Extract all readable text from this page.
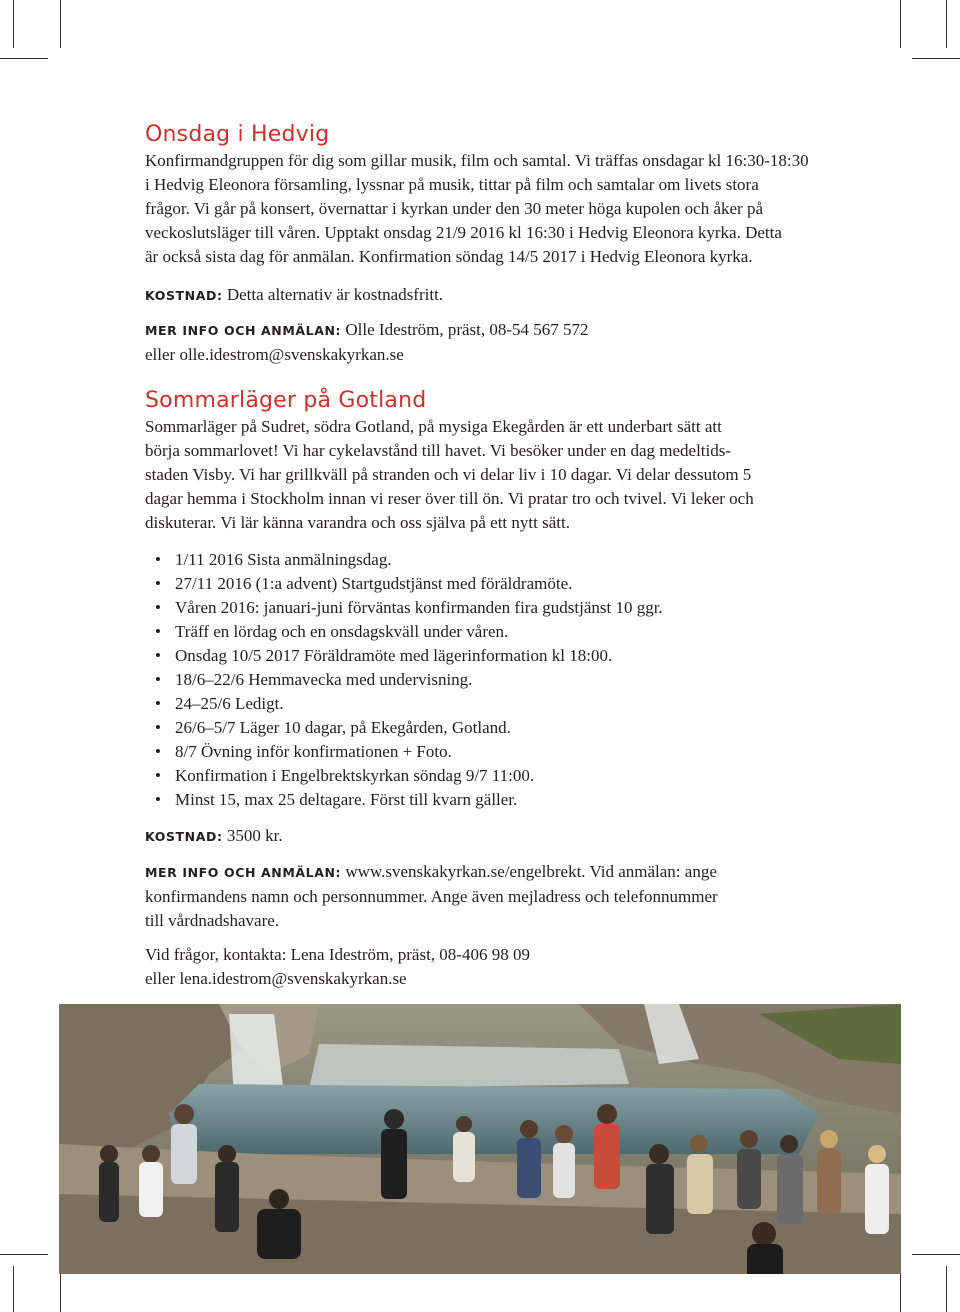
Onsdag i Hedvig
Konfirmandgruppen för dig som gillar musik, film och samtal. Vi träffas onsdagar kl 16:30-18:30
i Hedvig Eleonora församling, lyssnar på musik, tittar på film och samtalar om livets stora
frågor. Vi går på konsert, övernattar i kyrkan under den 30 meter höga kupolen och åker på
veckoslutsläger till våren. Upptakt onsdag 21/9 2016 kl 16:30 i Hedvig Eleonora kyrka. Detta
är också sista dag för anmälan. Konfirmation söndag 14/5 2017 i Hedvig Eleonora kyrka.
KOSTNAD: Detta alternativ är kostnadsfritt.
MER INFO OCH ANMÄLAN: Olle Ideström, präst, 08-54 567 572
eller olle.idestrom@svenskakyrkan.se
Sommarläger på Gotland
Sommarläger på Sudret, södra Gotland, på mysiga Ekegården är ett underbart sätt att
börja sommarlovet! Vi har cykelavstånd till havet. Vi besöker under en dag medeltids-
staden Visby. Vi har grillkväll på stranden och vi delar liv i 10 dagar. Vi delar dessutom 5
dagar hemma i Stockholm innan vi reser över till ön. Vi pratar tro och tvivel. Vi leker och
diskuterar. Vi lär känna varandra och oss själva på ett nytt sätt.
• 1/11 2016 Sista anmälningsdag.
• 27/11 2016 (1:a advent) Startgudstjänst med föräldramöte.
• Våren 2016: januari-juni förväntas konfirmanden fira gudstjänst 10 ggr.
• Träff en lördag och en onsdagskväll under våren.
• Onsdag 10/5 2017 Föräldramöte med lägerinformation kl 18:00.
• 18/6–22/6 Hemmavecka med undervisning.
• 24–25/6 Ledigt.
• 26/6–5/7 Läger 10 dagar, på Ekegården, Gotland.
• 8/7 Övning inför konfirmationen + Foto.
• Konfirmation i Engelbrektskyrkan söndag 9/7 11:00.
• Minst 15, max 25 deltagare. Först till kvarn gäller.
KOSTNAD: 3500 kr.
MER INFO OCH ANMÄLAN: www.svenskakyrkan.se/engelbrekt. Vid anmälan: ange
konfirmandens namn och personnummer. Ange även mejladress och telefonnummer
till vårdnadshavare.
Vid frågor, kontakta: Lena Ideström, präst, 08-406 98 09
eller lena.idestrom@svenskakyrkan.se
